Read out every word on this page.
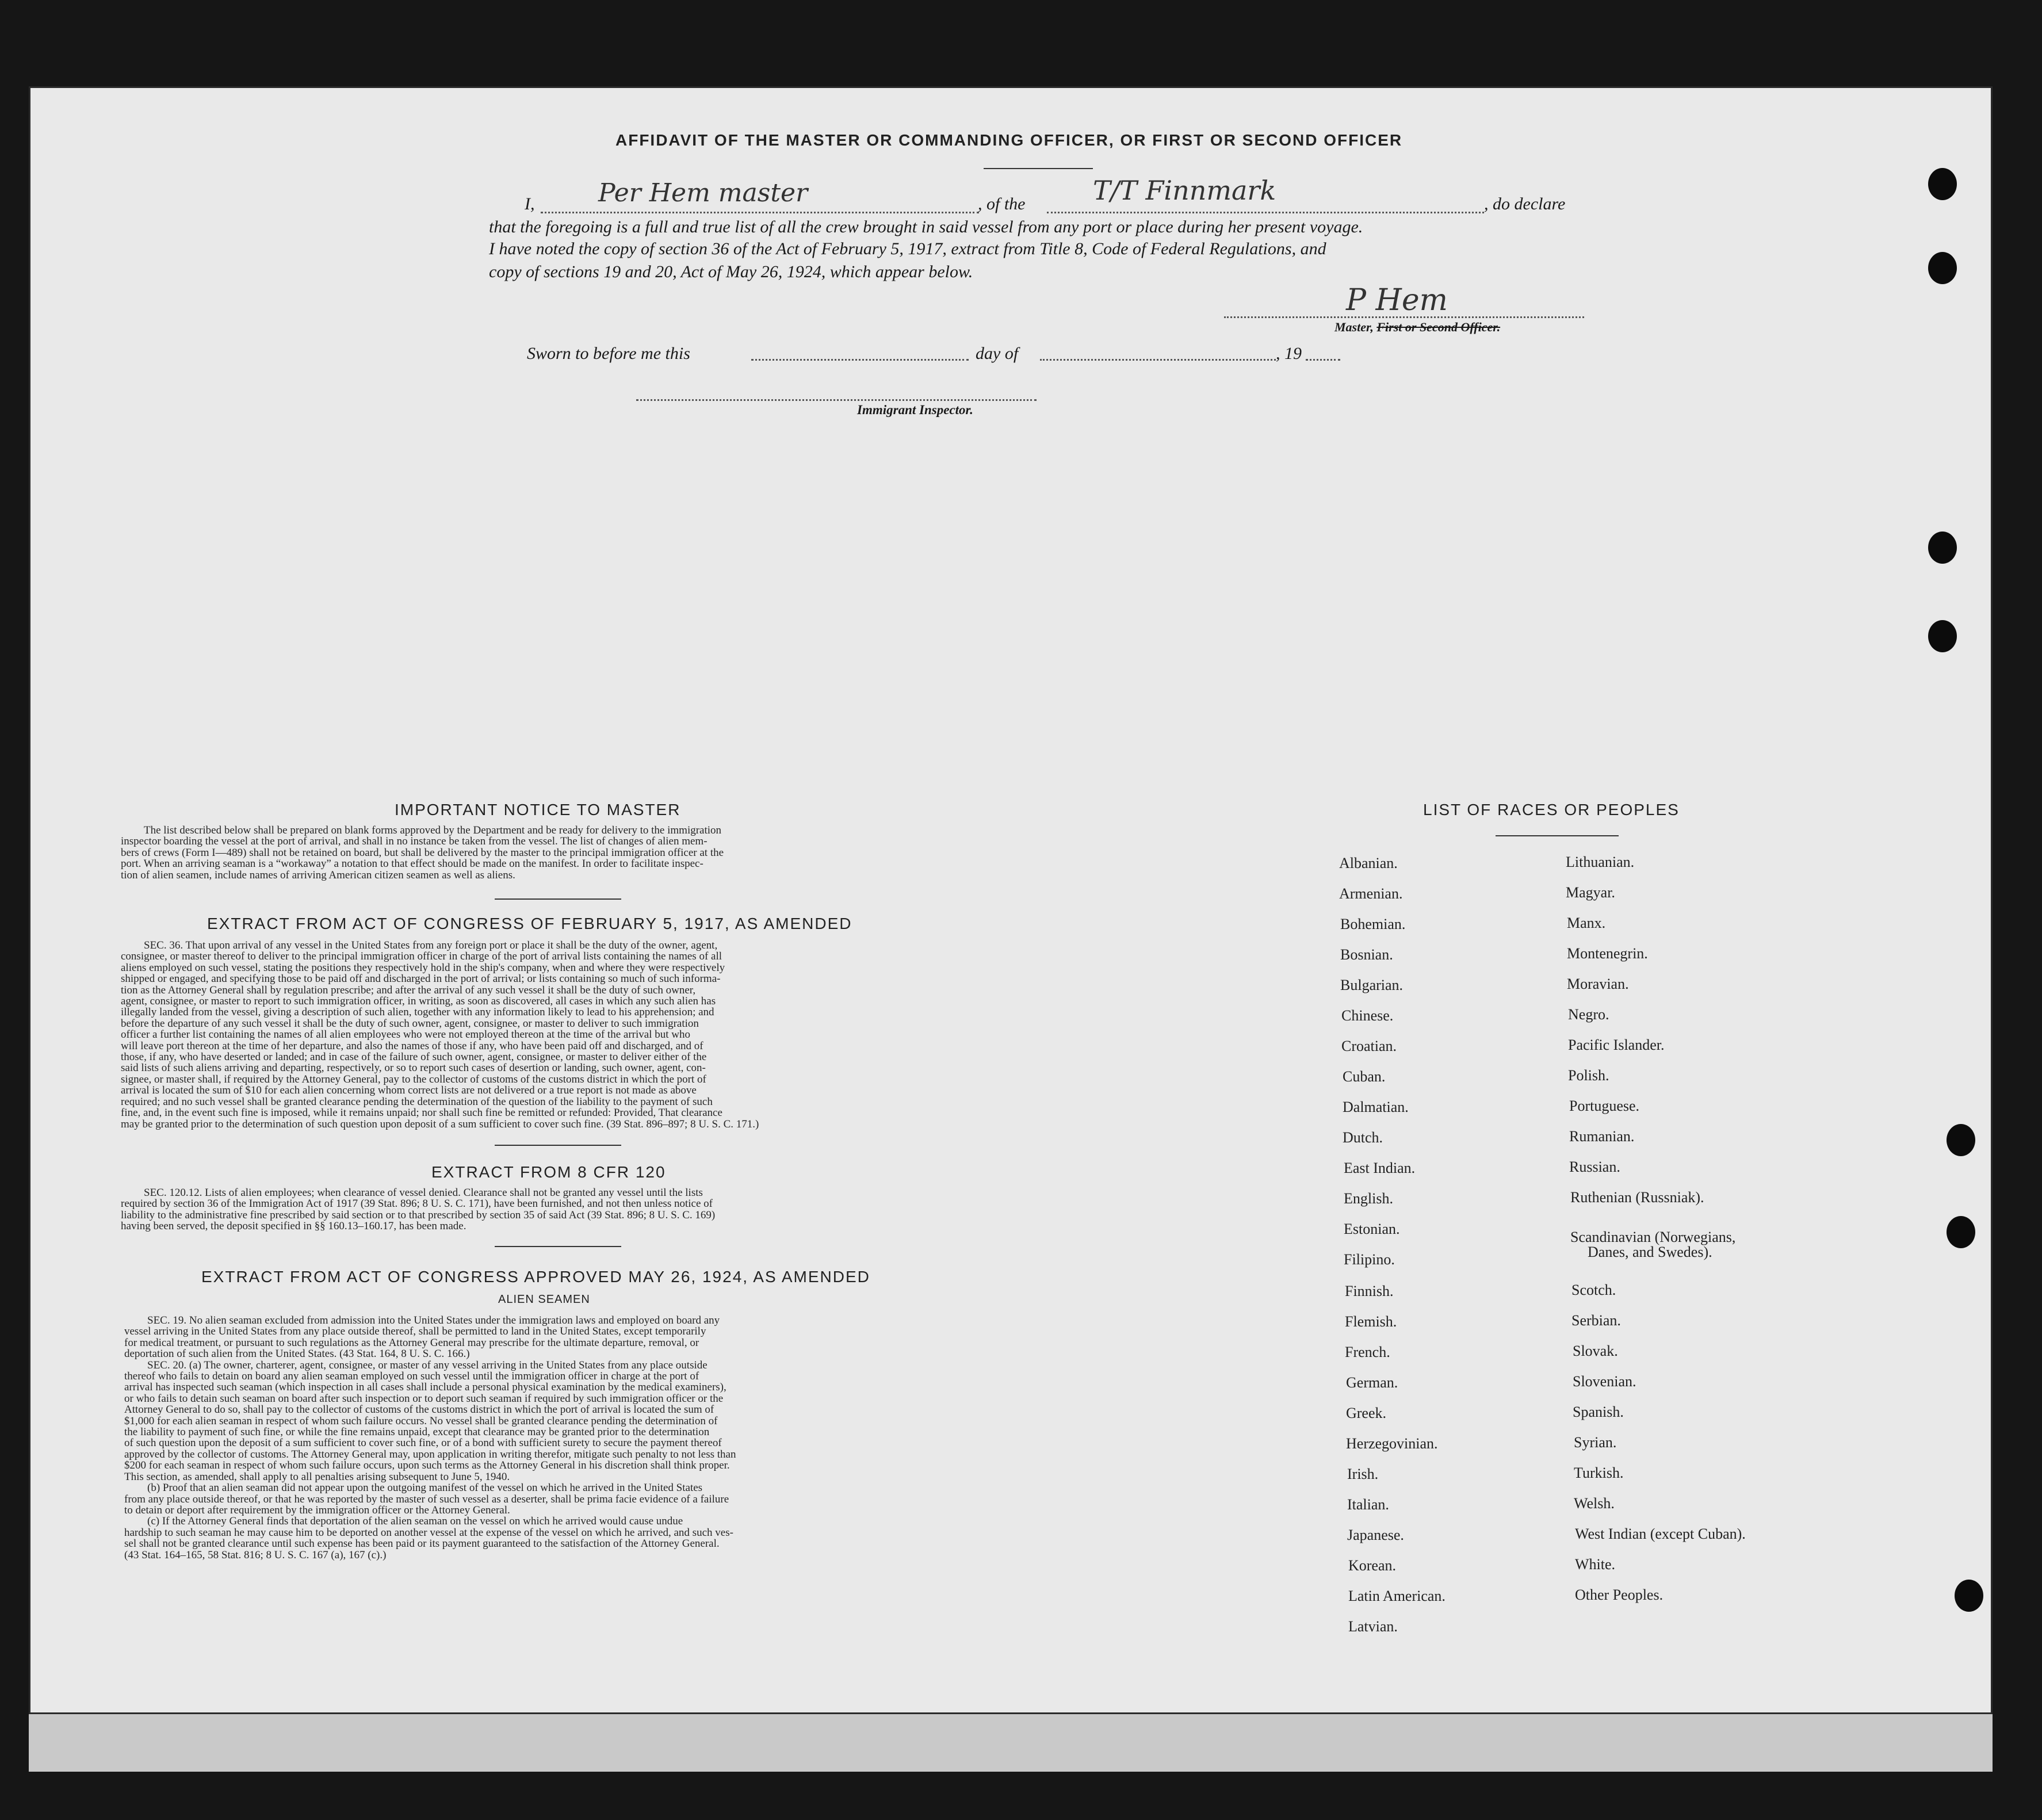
AFFIDAVIT OF THE MASTER OR COMMANDING OFFICER, OR FIRST OR SECOND OFFICER
I,	Per Hem master	, of the	T/T Finnmark	, do declare
that the foregoing is a full and true list of all the crew brought in said vessel from any port or place during her present voyage.
I have noted the copy of section 36 of the Act of February 5, 1917, extract from Title 8, Code of Federal Regulations, and
copy of sections 19 and 20, Act of May 26, 1924, which appear below.
P Hem
Master, First or Second Officer.
Sworn to before me this	day of	, 19
Immigrant Inspector.
IMPORTANT NOTICE TO MASTER

The list described below shall be prepared on blank forms approved by the Department and be ready for delivery to the immigration

inspector boarding the vessel at the port of arrival, and shall in no instance be taken from the vessel. The list of changes of alien mem-

bers of crews (Form I—489) shall not be retained on board, but shall be delivered by the master to the principal immigration officer at the

port. When an arriving seaman is a “workaway” a notation to that effect should be made on the manifest. In order to facilitate inspec-

tion of alien seamen, include names of arriving American citizen seamen as well as aliens.

EXTRACT FROM ACT OF CONGRESS OF FEBRUARY 5, 1917, AS AMENDED

SEC. 36. That upon arrival of any vessel in the United States from any foreign port or place it shall be the duty of the owner, agent,

consignee, or master thereof to deliver to the principal immigration officer in charge of the port of arrival lists containing the names of all

aliens employed on such vessel, stating the positions they respectively hold in the ship's company, when and where they were respectively

shipped or engaged, and specifying those to be paid off and discharged in the port of arrival; or lists containing so much of such informa-

tion as the Attorney General shall by regulation prescribe; and after the arrival of any such vessel it shall be the duty of such owner,

agent, consignee, or master to report to such immigration officer, in writing, as soon as discovered, all cases in which any such alien has

illegally landed from the vessel, giving a description of such alien, together with any information likely to lead to his apprehension; and

before the departure of any such vessel it shall be the duty of such owner, agent, consignee, or master to deliver to such immigration

officer a further list containing the names of all alien employees who were not employed thereon at the time of the arrival but who

will leave port thereon at the time of her departure, and also the names of those if any, who have been paid off and discharged, and of

those, if any, who have deserted or landed; and in case of the failure of such owner, agent, consignee, or master to deliver either of the

said lists of such aliens arriving and departing, respectively, or so to report such cases of desertion or landing, such owner, agent, con-

signee, or master shall, if required by the Attorney General, pay to the collector of customs of the customs district in which the port of

arrival is located the sum of $10 for each alien concerning whom correct lists are not delivered or a true report is not made as above

required; and no such vessel shall be granted clearance pending the determination of the question of the liability to the payment of such

fine, and, in the event such fine is imposed, while it remains unpaid; nor shall such fine be remitted or refunded: Provided, That clearance

may be granted prior to the determination of such question upon deposit of a sum sufficient to cover such fine. (39 Stat. 896–897; 8 U. S. C. 171.)

EXTRACT FROM 8 CFR 120

SEC. 120.12. Lists of alien employees; when clearance of vessel denied. Clearance shall not be granted any vessel until the lists

required by section 36 of the Immigration Act of 1917 (39 Stat. 896; 8 U. S. C. 171), have been furnished, and not then unless notice of

liability to the administrative fine prescribed by said section or to that prescribed by section 35 of said Act (39 Stat. 896; 8 U. S. C. 169)

having been served, the deposit specified in §§ 160.13–160.17, has been made.

EXTRACT FROM ACT OF CONGRESS APPROVED MAY 26, 1924, AS AMENDED
ALIEN SEAMEN

SEC. 19. No alien seaman excluded from admission into the United States under the immigration laws and employed on board any

vessel arriving in the United States from any place outside thereof, shall be permitted to land in the United States, except temporarily

for medical treatment, or pursuant to such regulations as the Attorney General may prescribe for the ultimate departure, removal, or

deportation of such alien from the United States. (43 Stat. 164, 8 U. S. C. 166.)

SEC. 20. (a) The owner, charterer, agent, consignee, or master of any vessel arriving in the United States from any place outside

thereof who fails to detain on board any alien seaman employed on such vessel until the immigration officer in charge at the port of

arrival has inspected such seaman (which inspection in all cases shall include a personal physical examination by the medical examiners),

or who fails to detain such seaman on board after such inspection or to deport such seaman if required by such immigration officer or the

Attorney General to do so, shall pay to the collector of customs of the customs district in which the port of arrival is located the sum of

$1,000 for each alien seaman in respect of whom such failure occurs. No vessel shall be granted clearance pending the determination of

the liability to payment of such fine, or while the fine remains unpaid, except that clearance may be granted prior to the determination

of such question upon the deposit of a sum sufficient to cover such fine, or of a bond with sufficient surety to secure the payment thereof

approved by the collector of customs. The Attorney General may, upon application in writing therefor, mitigate such penalty to not less than

$200 for each seaman in respect of whom such failure occurs, upon such terms as the Attorney General in his discretion shall think proper.

This section, as amended, shall apply to all penalties arising subsequent to June 5, 1940.

(b) Proof that an alien seaman did not appear upon the outgoing manifest of the vessel on which he arrived in the United States

from any place outside thereof, or that he was reported by the master of such vessel as a deserter, shall be prima facie evidence of a failure

to detain or deport after requirement by the immigration officer or the Attorney General.

(c) If the Attorney General finds that deportation of the alien seaman on the vessel on which he arrived would cause undue

hardship to such seaman he may cause him to be deported on another vessel at the expense of the vessel on which he arrived, and such ves-

sel shall not be granted clearance until such expense has been paid or its payment guaranteed to the satisfaction of the Attorney General.

(43 Stat. 164–165, 58 Stat. 816; 8 U. S. C. 167 (a), 167 (c).)

LIST OF RACES OR PEOPLES
Albanian.
Armenian.
Bohemian.
Bosnian.
Bulgarian.
Chinese.
Croatian.
Cuban.
Dalmatian.
Dutch.
East Indian.
English.
Estonian.
Filipino.
Finnish.
Flemish.
French.
German.
Greek.
Herzegovinian.
Irish.
Italian.
Japanese.
Korean.
Latin American.
Latvian.
Lithuanian.
Magyar.
Manx.
Montenegrin.
Moravian.
Negro.
Pacific Islander.
Polish.
Portuguese.
Rumanian.
Russian.
Ruthenian (Russniak).
Scandinavian (Norwegians,
Danes, and Swedes).
Scotch.
Serbian.
Slovak.
Slovenian.
Spanish.
Syrian.
Turkish.
Welsh.
West Indian (except Cuban).
White.
Other Peoples.
